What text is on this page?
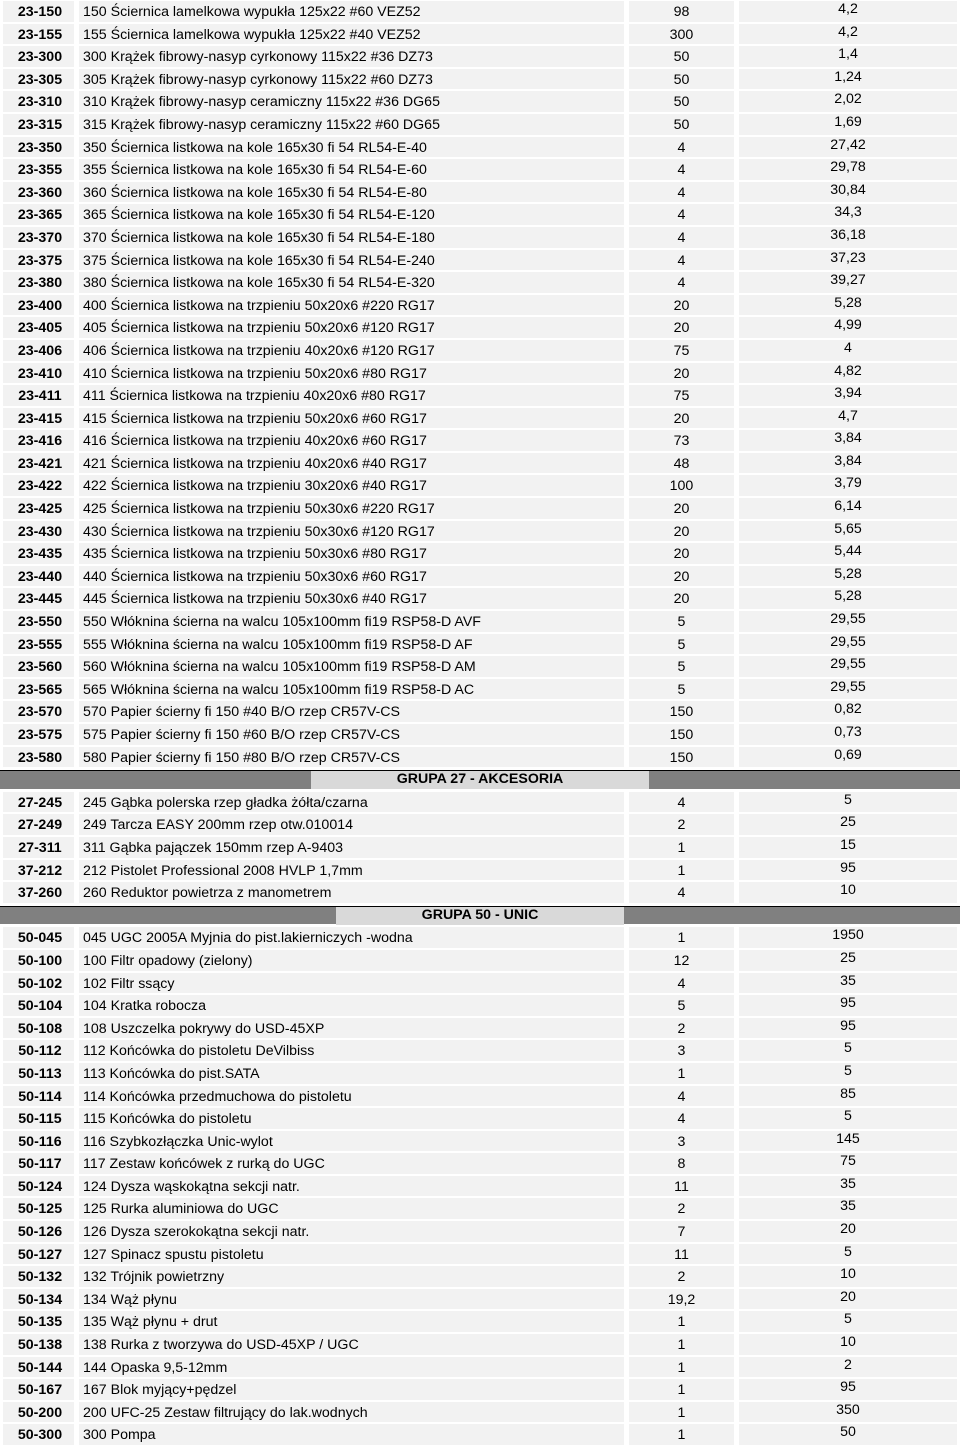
23-150	150 Ściernica lamelkowa wypukła 125x22 #60 VEZ52	98	4,2
23-155	155 Ściernica lamelkowa wypukła 125x22 #40 VEZ52	300	4,2
23-300	300 Krążek fibrowy-nasyp cyrkonowy 115x22 #36 DZ73	50	1,4
23-305	305 Krążek fibrowy-nasyp cyrkonowy 115x22 #60 DZ73	50	1,24
23-310	310 Krążek fibrowy-nasyp ceramiczny 115x22 #36 DG65	50	2,02
23-315	315 Krążek fibrowy-nasyp ceramiczny 115x22 #60 DG65	50	1,69
23-350	350 Ściernica listkowa na kole 165x30 fi 54 RL54-E-40	4	27,42
23-355	355 Ściernica listkowa na kole 165x30 fi 54 RL54-E-60	4	29,78
23-360	360 Ściernica listkowa na kole 165x30 fi 54 RL54-E-80	4	30,84
23-365	365 Ściernica listkowa na kole 165x30 fi 54 RL54-E-120	4	34,3
23-370	370 Ściernica listkowa na kole 165x30 fi 54 RL54-E-180	4	36,18
23-375	375 Ściernica listkowa na kole 165x30 fi 54 RL54-E-240	4	37,23
23-380	380 Ściernica listkowa na kole 165x30 fi 54 RL54-E-320	4	39,27
23-400	400 Ściernica listkowa na trzpieniu 50x20x6 #220 RG17	20	5,28
23-405	405 Ściernica listkowa na trzpieniu 50x20x6 #120 RG17	20	4,99
23-406	406 Ściernica listkowa na trzpieniu 40x20x6 #120 RG17	75	4
23-410	410 Ściernica listkowa na trzpieniu 50x20x6 #80 RG17	20	4,82
23-411	411 Ściernica listkowa na trzpieniu 40x20x6 #80 RG17	75	3,94
23-415	415 Ściernica listkowa na trzpieniu 50x20x6 #60 RG17	20	4,7
23-416	416 Ściernica listkowa na trzpieniu 40x20x6 #60 RG17	73	3,84
23-421	421 Ściernica listkowa na trzpieniu 40x20x6 #40 RG17	48	3,84
23-422	422 Ściernica listkowa na trzpieniu 30x20x6 #40 RG17	100	3,79
23-425	425 Ściernica listkowa na trzpieniu 50x30x6 #220 RG17	20	6,14
23-430	430 Ściernica listkowa na trzpieniu 50x30x6 #120 RG17	20	5,65
23-435	435 Ściernica listkowa na trzpieniu 50x30x6 #80 RG17	20	5,44
23-440	440 Ściernica listkowa na trzpieniu 50x30x6 #60 RG17	20	5,28
23-445	445 Ściernica listkowa na trzpieniu 50x30x6 #40 RG17	20	5,28
23-550	550 Włóknina ścierna na walcu 105x100mm fi19 RSP58-D AVF	5	29,55
23-555	555 Włóknina ścierna na walcu 105x100mm fi19 RSP58-D AF	5	29,55
23-560	560 Włóknina ścierna na walcu 105x100mm fi19 RSP58-D AM	5	29,55
23-565	565 Włóknina ścierna na walcu 105x100mm fi19 RSP58-D AC	5	29,55
23-570	570 Papier ścierny fi 150 #40 B/O rzep CR57V-CS	150	0,82
23-575	575 Papier ścierny fi 150 #60 B/O rzep CR57V-CS	150	0,73
23-580	580 Papier ścierny fi 150 #80 B/O rzep CR57V-CS	150	0,69
GRUPA 27 - AKCESORIA
27-245	245 Gąbka polerska rzep gładka żółta/czarna	4	5
27-249	249 Tarcza EASY 200mm rzep otw.010014	2	25
27-311	311 Gąbka pajączek 150mm rzep A-9403	1	15
37-212	212 Pistolet Professional 2008 HVLP 1,7mm	1	95
37-260	260 Reduktor powietrza z manometrem	4	10
GRUPA 50 - UNIC
50-045	045 UGC 2005A Myjnia do pist.lakierniczych -wodna	1	1950
50-100	100 Filtr opadowy (zielony)	12	25
50-102	102 Filtr ssący	4	35
50-104	104 Kratka robocza	5	95
50-108	108 Uszczelka pokrywy do USD-45XP	2	95
50-112	112 Końcówka do pistoletu DeVilbiss	3	5
50-113	113 Końcówka do pist.SATA	1	5
50-114	114 Końcówka przedmuchowa do pistoletu	4	85
50-115	115 Końcówka do pistoletu	4	5
50-116	116 Szybkozłączka Unic-wylot	3	145
50-117	117 Zestaw końcówek z rurką do UGC	8	75
50-124	124 Dysza wąskokątna sekcji natr.	11	35
50-125	125 Rurka aluminiowa do UGC	2	35
50-126	126 Dysza szerokokątna sekcji natr.	7	20
50-127	127 Spinacz spustu pistoletu	11	5
50-132	132 Trójnik powietrzny	2	10
50-134	134 Wąż płynu	19,2	20
50-135	135 Wąż płynu + drut	1	5
50-138	138 Rurka z tworzywa do USD-45XP / UGC	1	10
50-144	144 Opaska 9,5-12mm	1	2
50-167	167 Blok myjący+pędzel	1	95
50-200	200 UFC-25 Zestaw filtrujący do lak.wodnych	1	350
50-300	300 Pompa	1	50
